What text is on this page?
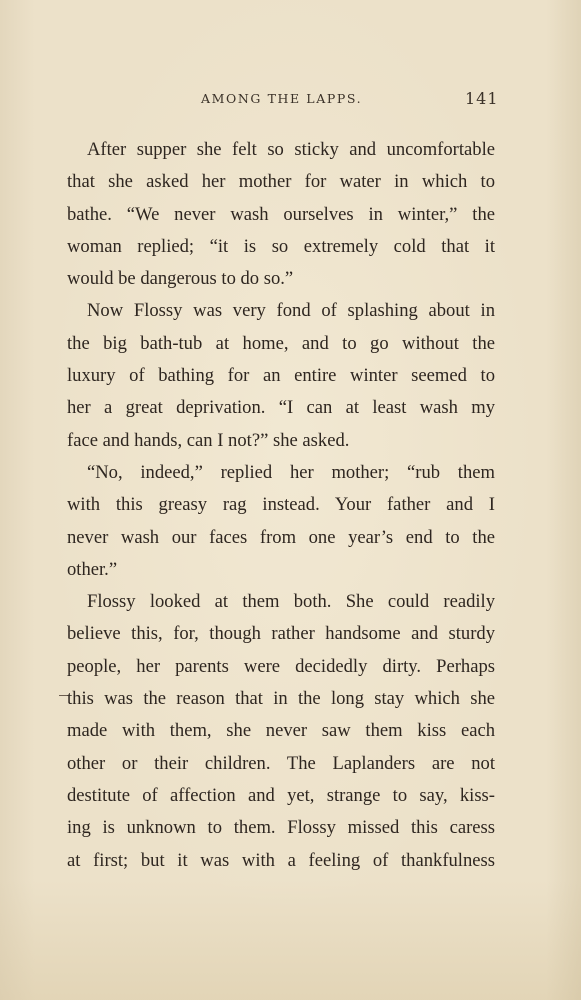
AMONG THE LAPPS.	141
After supper she felt so sticky and uncomfortable
that she asked her mother for water in which to
bathe. “We never wash ourselves in winter,” the
woman replied; “it is so extremely cold that it
would be dangerous to do so.”
Now Flossy was very fond of splashing about in
the big bath-tub at home, and to go without the
luxury of bathing for an entire winter seemed to
her a great deprivation. “I can at least wash my
face and hands, can I not?” she asked.
“No, indeed,” replied her mother; “rub them
with this greasy rag instead. Your father and I
never wash our faces from one year’s end to the
other.”
Flossy looked at them both. She could readily
believe this, for, though rather handsome and sturdy
people, her parents were decidedly dirty. Perhaps
this was the reason that in the long stay which she
made with them, she never saw them kiss each
other or their children. The Laplanders are not
destitute of affection and yet, strange to say, kiss-
ing is unknown to them. Flossy missed this caress
at first; but it was with a feeling of thankfulness
